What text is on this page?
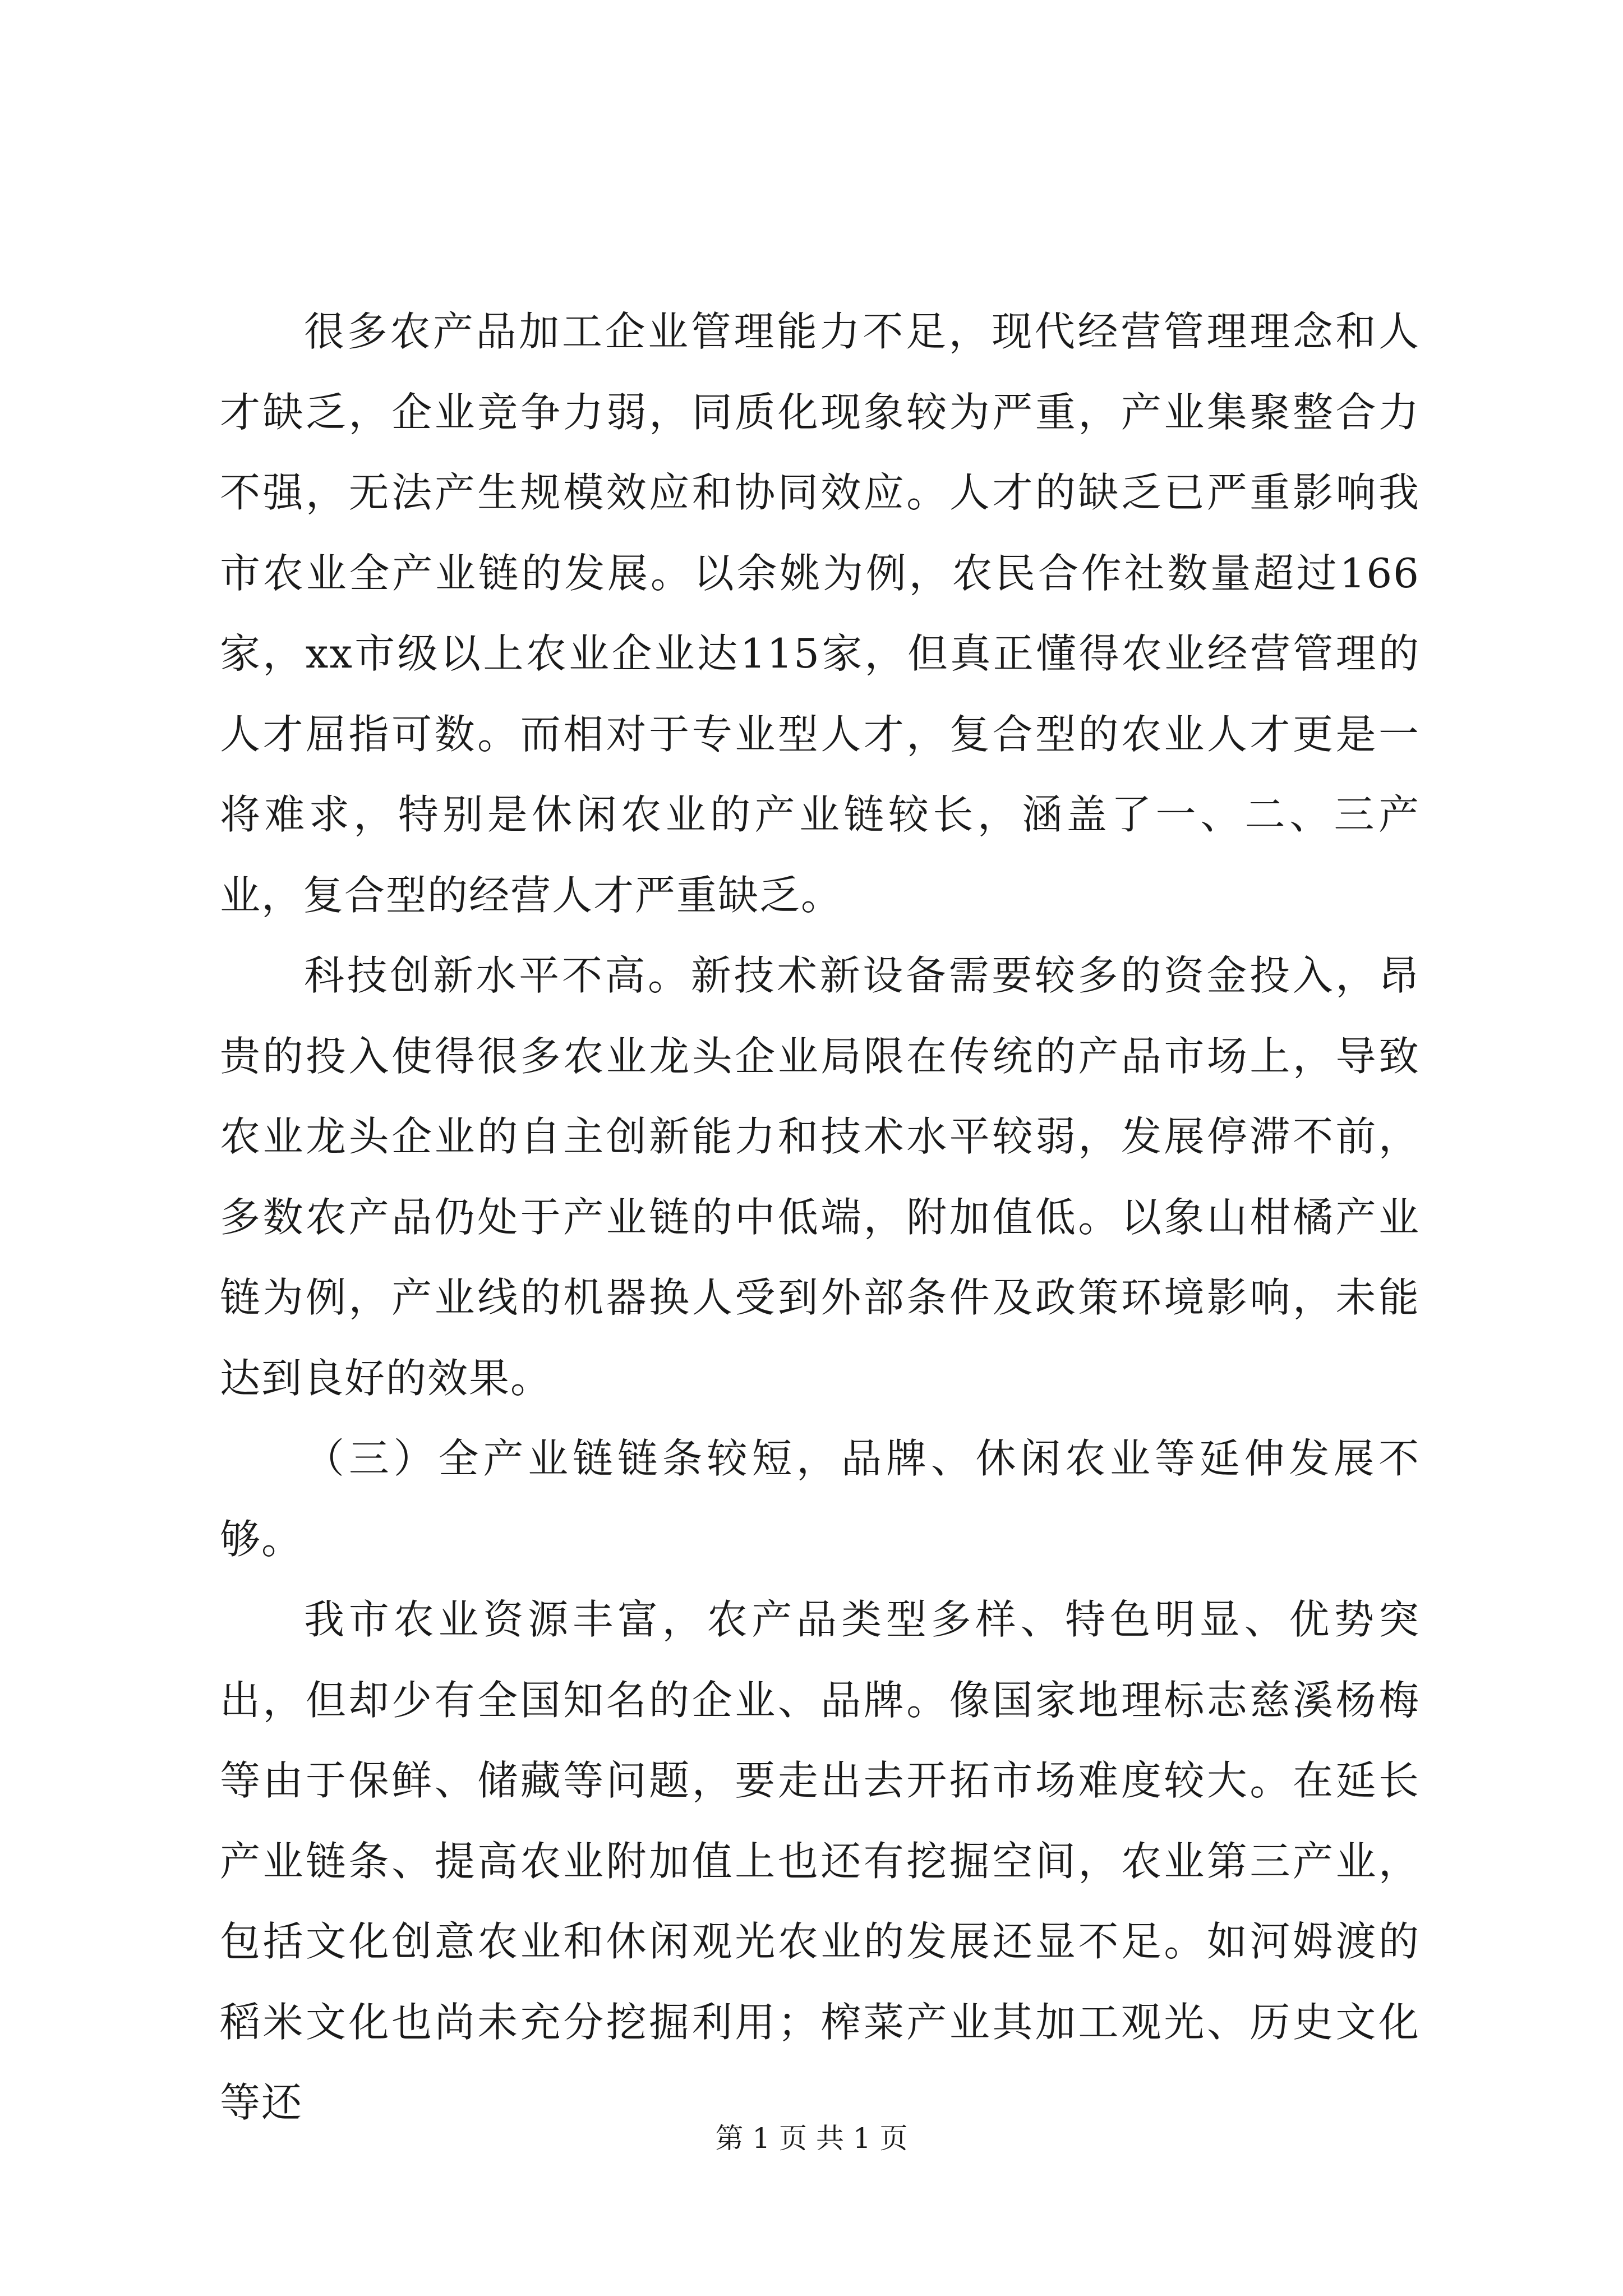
很多农产品加工企业管理能力不足，现代经营管理理念和人才缺乏，企业竞争力弱，同质化现象较为严重，产业集聚整合力不强，无法产生规模效应和协同效应。人才的缺乏已严重影响我市农业全产业链的发展。以余姚为例，农民合作社数量超过166家，xx市级以上农业企业达115家，但真正懂得农业经营管理的人才屈指可数。而相对于专业型人才，复合型的农业人才更是一将难求，特别是休闲农业的产业链较长，涵盖了一、二、三产业，复合型的经营人才严重缺乏。

科技创新水平不高。新技术新设备需要较多的资金投入，昂贵的投入使得很多农业龙头企业局限在传统的产品市场上，导致农业龙头企业的自主创新能力和技术水平较弱，发展停滞不前，多数农产品仍处于产业链的中低端，附加值低。以象山柑橘产业链为例，产业线的机器换人受到外部条件及政策环境影响，未能达到良好的效果。

（三）全产业链链条较短，品牌、休闲农业等延伸发展不够。

我市农业资源丰富，农产品类型多样、特色明显、优势突出，但却少有全国知名的企业、品牌。像国家地理标志慈溪杨梅等由于保鲜、储藏等问题，要走出去开拓市场难度较大。在延长产业链条、提高农业附加值上也还有挖掘空间，农业第三产业，包括文化创意农业和休闲观光农业的发展还显不足。如河姆渡的稻米文化也尚未充分挖掘利用；榨菜产业其加工观光、历史文化等还

第 1 页 共 1 页
